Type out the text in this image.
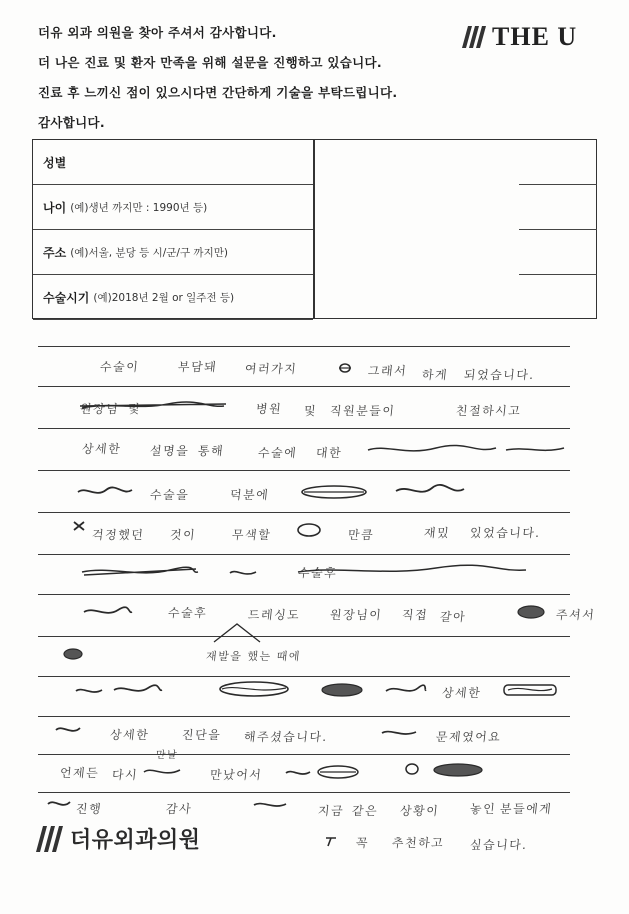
더유 외과 의원을 찾아 주셔서 감사합니다.
더 나은 진료 및 환자 만족을 위해 설문을 진행하고 있습니다.
진료 후 느끼신 점이 있으시다면 간단하게 기술을 부탁드립니다.
감사합니다.
THE U
성별
나이 (예)생년 까지만 : 1990년 등)
주소 (예)서울, 분당 등 시/군/구 까지만)
수술시기 (예)2018년 2월 or 일주전 등)
수술이	부담돼 여러가지	그래서 하게 되었습니다.
원장님 및	병원 및 직원분들이	친절하시고
상세한 설명을 통해	수술에 대한
수술을	덕분에
걱정했던 것이	무색할	만큼	재밌 있었습니다.
수술후
수술후	드레싱도 원장님이 직접 갈아	주셔서
재발을 했는 때에
상세한
상세한	진단을 해주셨습니다.	문제였어요
언제든 다시
만날
만났어서
진행	감사	지금 같은 상황이 놓인 분들에게
꼭 추천하고 싶습니다.
더유외과의원
